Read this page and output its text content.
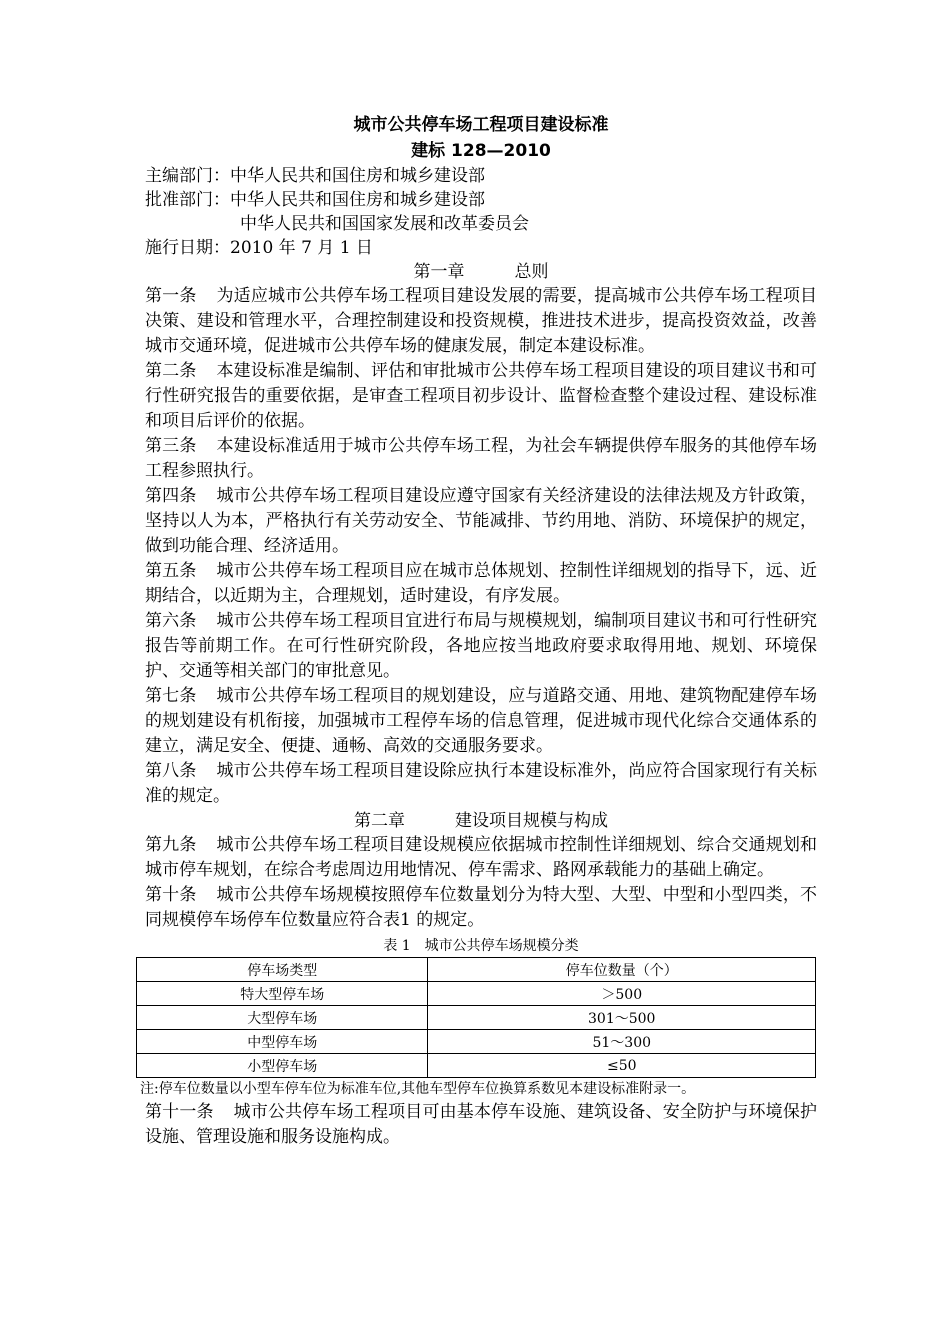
城市公共停车场工程项目建设标准
建标 128—2010
主编部门：中华人民共和国住房和城乡建设部
批准部门：中华人民共和国住房和城乡建设部
中华人民共和国国家发展和改革委员会
施行日期：2010 年 7 月 1 日
第一章	总则

第一条 为适应城市公共停车场工程项目建设发展的需要，提高城市公共停车场工程项目决策、建设和管理水平，合理控制建设和投资规模，推进技术进步，提高投资效益，改善城市交通环境，促进城市公共停车场的健康发展，制定本建设标准。

第二条 本建设标准是编制、评估和审批城市公共停车场工程项目建设的项目建议书和可行性研究报告的重要依据，是审查工程项目初步设计、监督检查整个建设过程、建设标准和项目后评价的依据。

第三条 本建设标准适用于城市公共停车场工程，为社会车辆提供停车服务的其他停车场工程参照执行。

第四条 城市公共停车场工程项目建设应遵守国家有关经济建设的法律法规及方针政策，坚持以人为本，严格执行有关劳动安全、节能减排、节约用地、消防、环境保护的规定，做到功能合理、经济适用。

第五条 城市公共停车场工程项目应在城市总体规划、控制性详细规划的指导下，远、近期结合，以近期为主，合理规划，适时建设，有序发展。

第六条 城市公共停车场工程项目宜进行布局与规模规划，编制项目建议书和可行性研究报告等前期工作。在可行性研究阶段，各地应按当地政府要求取得用地、规划、环境保护、交通等相关部门的审批意见。

第七条 城市公共停车场工程项目的规划建设，应与道路交通、用地、建筑物配建停车场的规划建设有机衔接，加强城市工程停车场的信息管理，促进城市现代化综合交通体系的建立，满足安全、便捷、通畅、高效的交通服务要求。

第八条 城市公共停车场工程项目建设除应执行本建设标准外，尚应符合国家现行有关标准的规定。

第二章	建设项目规模与构成

第九条 城市公共停车场工程项目建设规模应依据城市控制性详细规划、综合交通规划和城市停车规划，在综合考虑周边用地情况、停车需求、路网承载能力的基础上确定。

第十条 城市公共停车场规模按照停车位数量划分为特大型、大型、中型和小型四类，不同规模停车场停车位数量应符合表1 的规定。

表 1　城市公共停车场规模分类
停车场类型	停车位数量（个）
特大型停车场	＞500
大型停车场	301～500
中型停车场	51～300
小型停车场	≤50
注:停车位数量以小型车停车位为标准车位,其他车型停车位换算系数见本建设标准附录一。

第十一条 城市公共停车场工程项目可由基本停车设施、建筑设备、安全防护与环境保护设施、管理设施和服务设施构成。
